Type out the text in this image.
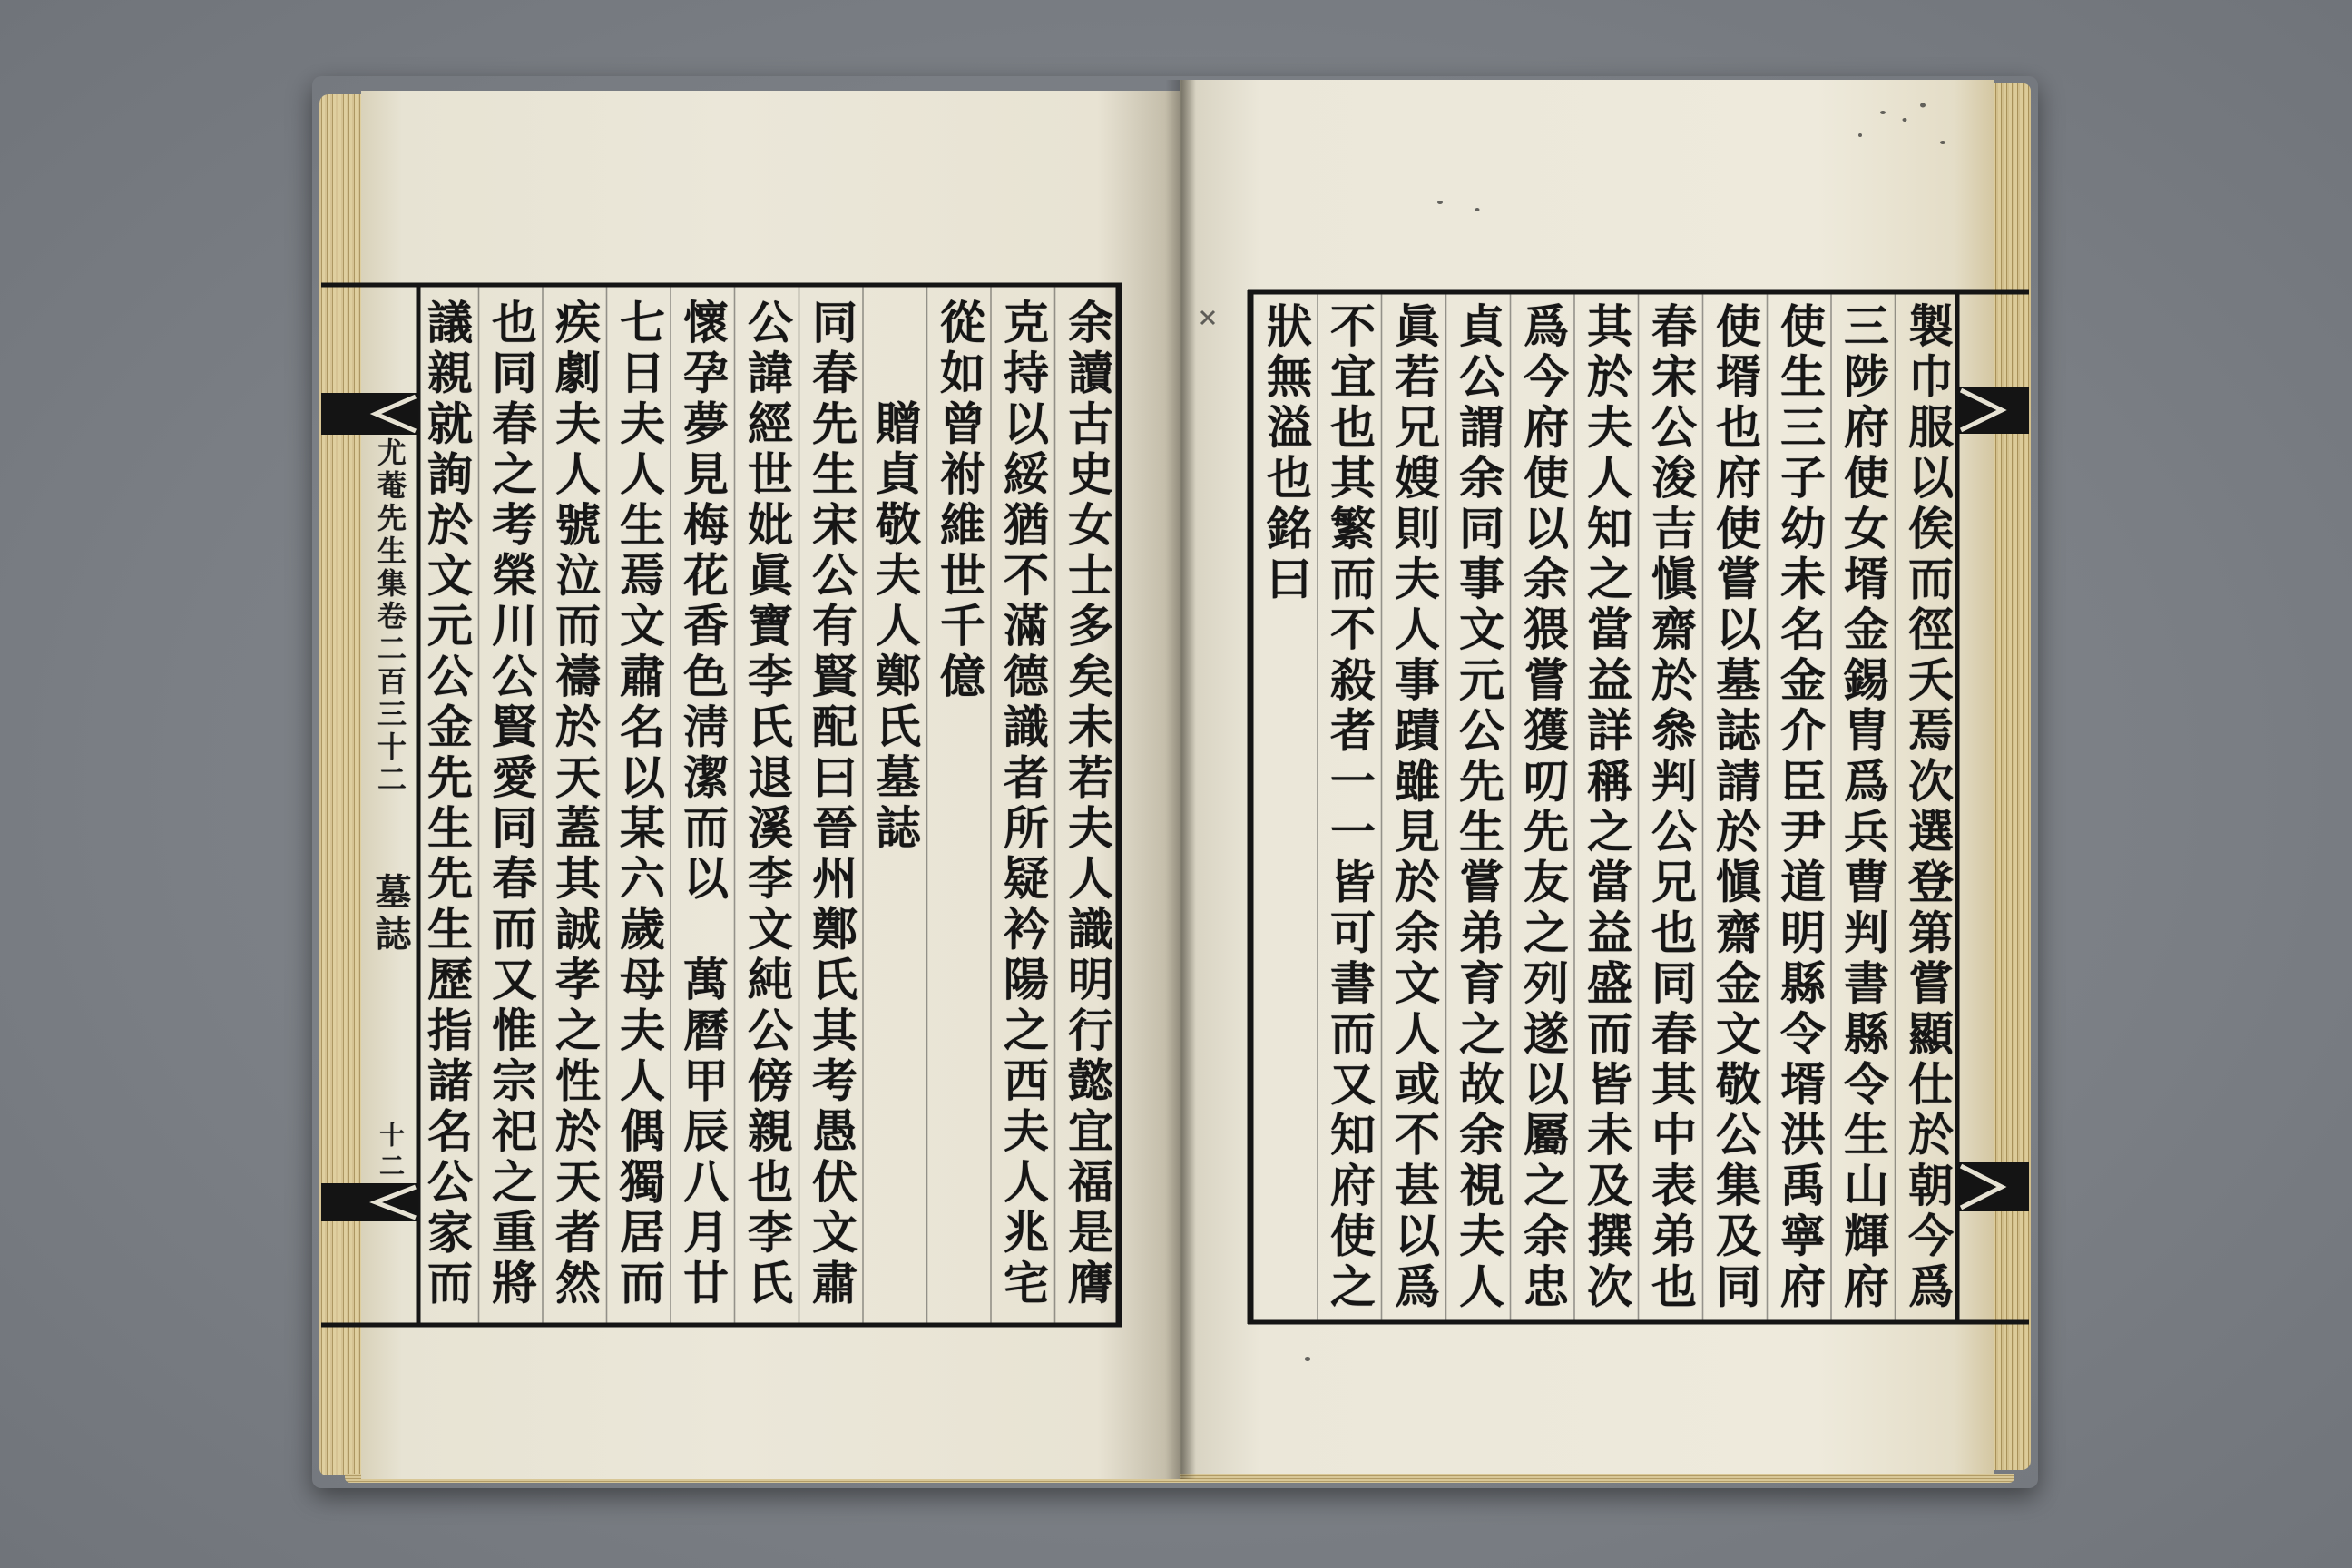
尤菴先生集卷二百三十二
墓誌
十二	余讀古史女士多矣未若夫人識明行懿宜福是膺
克持以綏猶不滿德識者所疑衿陽之西夫人兆宅
從如曾祔維世千億
贈貞敬夫人鄭氏墓誌
同春先生宋公有賢配曰晉州鄭氏其考愚伏文肅
公諱經世妣眞寶李氏退溪李文純公傍親也李氏
懷孕夢見梅花香色淸潔而以　萬曆甲辰八月廿
七日夫人生焉文肅名以某六歲母夫人偶獨居而
疾劇夫人號泣而禱於天蓋其誠孝之性於天者然
也同春之考榮川公賢愛同春而又惟宗祀之重將
議親就詢於文元公金先生先生歷指諸名公家而	製巾服以俟而徑夭焉次選登第嘗顯仕於朝今爲
三陟府使女壻金錫胄爲兵曹判書縣令生山輝府
使生三子幼未名金介臣尹道明縣令壻洪禹寧府
使壻也府使嘗以墓誌請於愼齋金文敬公集及同
春宋公浚吉愼齋於叅判公兄也同春其中表弟也
其於夫人知之當益詳稱之當益盛而皆未及撰次
爲今府使以余猥嘗獲叨先友之列遂以屬之余忠
貞公謂余同事文元公先生嘗弟育之故余視夫人
眞若兄嫂則夫人事蹟雖見於余文人或不甚以爲
不宜也其繁而不殺者一一皆可書而又知府使之
狀無溢也銘曰
